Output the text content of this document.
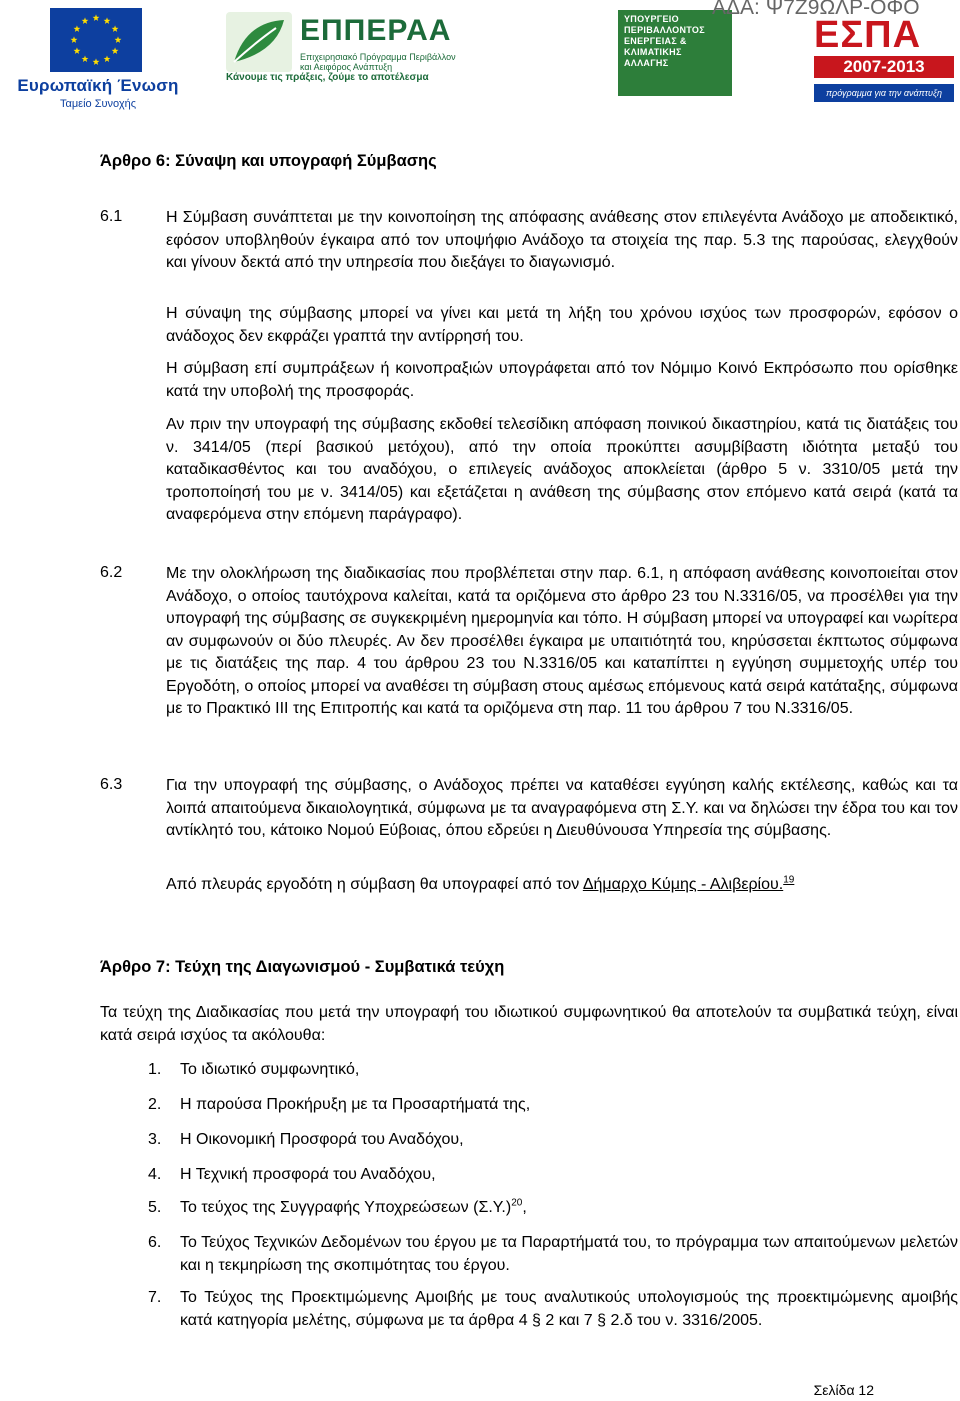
Ευρωπαϊκή Ένωση
Ταμείο Συνοχής
ΕΠΠΕΡΑΑ
Επιχειρησιακό Πρόγραμμα Περιβάλλον και Αειφόρος Ανάπτυξη
Κάνουμε τις πράξεις, ζούμε το αποτέλεσμα
ΥΠΟΥΡΓΕΙΟ
ΠΕΡΙΒΑΛΛΟΝΤΟΣ
ΕΝΕΡΓΕΙΑΣ &
ΚΛΙΜΑΤΙΚΗΣ
ΑΛΛΑΓΗΣ
ΕΣΠΑ
2007-2013
πρόγραμμα για την ανάπτυξη
ΑΔΑ: Ψ7Ζ9ΩΛΡ-ΟΦΟ
Άρθρο 6: Σύναψη και υπογραφή Σύμβασης
6.1	Η Σύμβαση συνάπτεται με την κοινοποίηση της απόφασης ανάθεσης στον επιλεγέντα Ανάδοχο με αποδεικτικό, εφόσον υποβληθούν έγκαιρα από τον υποψήφιο Ανάδοχο τα στοιχεία της παρ. 5.3 της παρούσας, ελεγχθούν και γίνουν δεκτά από την υπηρεσία που διεξάγει το διαγωνισμό.
Η σύναψη της σύμβασης μπορεί να γίνει και μετά τη λήξη του χρόνου ισχύος των προσφορών, εφόσον ο ανάδοχος δεν εκφράζει γραπτά την αντίρρησή του.
Η σύμβαση επί συμπράξεων ή κοινοπραξιών υπογράφεται από τον Νόμιμο Κοινό Εκπρόσωπο που ορίσθηκε κατά την υποβολή της προσφοράς.
Αν πριν την υπογραφή της σύμβασης εκδοθεί τελεσίδικη απόφαση ποινικού δικαστηρίου, κατά τις διατάξεις του ν. 3414/05 (περί βασικού μετόχου), από την οποία προκύπτει ασυμβίβαστη ιδιότητα μεταξύ του καταδικασθέντος και του αναδόχου, ο επιλεγείς ανάδοχος αποκλείεται (άρθρο 5 ν. 3310/05 μετά την τροποποίησή του με ν. 3414/05) και εξετάζεται η ανάθεση της σύμβασης στον επόμενο κατά σειρά (κατά τα αναφερόμενα στην επόμενη παράγραφο).
6.2	Με την ολοκλήρωση της διαδικασίας που προβλέπεται στην παρ. 6.1, η απόφαση ανάθεσης κοινοποιείται στον Ανάδοχο, ο οποίος ταυτόχρονα καλείται, κατά τα οριζόμενα στο άρθρο 23 του Ν.3316/05, να προσέλθει για την υπογραφή της σύμβασης σε συγκεκριμένη ημερομηνία και τόπο. Η σύμβαση μπορεί να υπογραφεί και νωρίτερα αν συμφωνούν οι δύο πλευρές. Αν δεν προσέλθει έγκαιρα με υπαιτιότητά του, κηρύσσεται έκπτωτος σύμφωνα με τις διατάξεις της παρ. 4 του άρθρου 23 του Ν.3316/05 και καταπίπτει η εγγύηση συμμετοχής υπέρ του Εργοδότη, ο οποίος μπορεί να αναθέσει τη σύμβαση στους αμέσως επόμενους κατά σειρά κατάταξης, σύμφωνα με το Πρακτικό ΙΙΙ της Επιτροπής και κατά τα οριζόμενα στη παρ. 11 του άρθρου 7 του Ν.3316/05.
6.3	Για την υπογραφή της σύμβασης, ο Ανάδοχος πρέπει να καταθέσει εγγύηση καλής εκτέλεσης, καθώς και τα λοιπά απαιτούμενα δικαιολογητικά, σύμφωνα με τα αναγραφόμενα στη Σ.Υ. και να δηλώσει την έδρα του και τον αντίκλητό του, κάτοικο Νομού Εύβοιας, όπου εδρεύει η Διευθύνουσα Υπηρεσία της σύμβασης.
Από πλευράς εργοδότη η σύμβαση θα υπογραφεί από τον Δήμαρχο Κύμης - Αλιβερίου.$^{19}$
Άρθρο 7: Τεύχη της Διαγωνισμού - Συμβατικά τεύχη
Τα τεύχη της Διαδικασίας που μετά την υπογραφή του ιδιωτικού συμφωνητικού θα αποτελούν τα συμβατικά τεύχη, είναι κατά σειρά ισχύος τα ακόλουθα:
1. Το ιδιωτικό συμφωνητικό,
2. Η παρούσα Προκήρυξη με τα Προσαρτήματά της,
3. Η Οικονομική Προσφορά του Αναδόχου,
4. Η Τεχνική προσφορά του Αναδόχου,
5. Το τεύχος της Συγγραφής Υποχρεώσεων $(\Sigma.\Upsilon.)^{20}$,
6. Το Τεύχος Τεχνικών Δεδομένων του έργου με τα Παραρτήματά του, το πρόγραμμα των απαιτούμενων μελετών και η τεκμηρίωση της σκοπιμότητας του έργου.
7. Το Τεύχος της Προεκτιμώμενης Αμοιβής με τους αναλυτικούς υπολογισμούς της προεκτιμώμενης αμοιβής κατά κατηγορία μελέτης, σύμφωνα με τα άρθρα 4 § 2 και 7 § 2.δ του ν. 3316/2005.
Σελίδα 12
